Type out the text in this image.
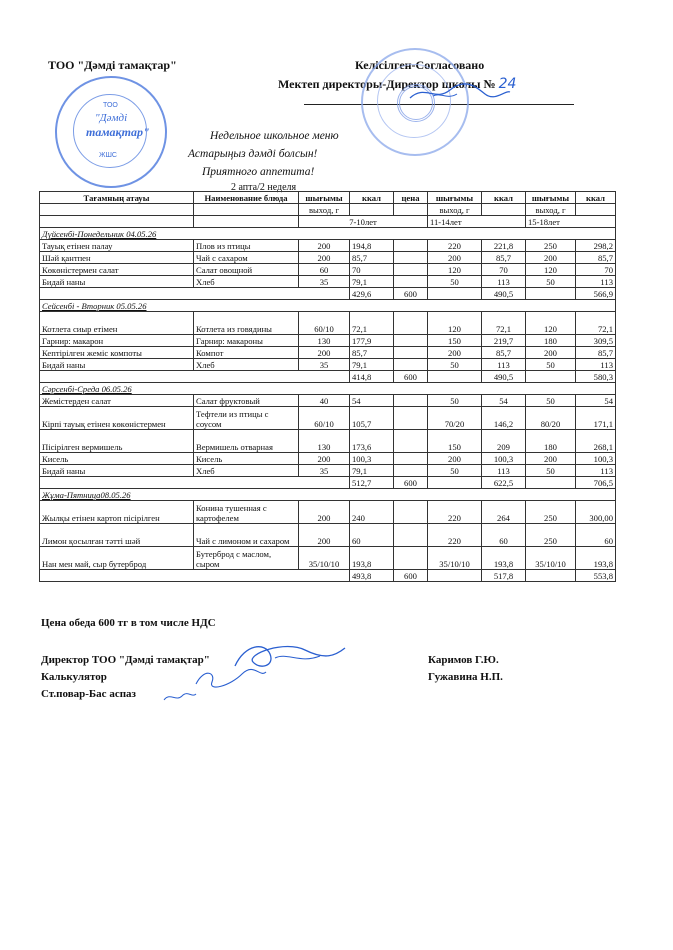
ТОО "Дәмді тамақтар"	Келісілген-Согласовано
Мектеп директоры-Директор школы № 24
ТОО
"Дәмді
тамақтар"
ЖШС
Недельное школьное меню
Астарыңыз дәмді болсын!
Приятного аппетита!
2 апта/2 неделя
Тағамның атауы	Наименование блюда	шығымы	ккал	цена	шығымы	ккал	шығымы	ккал
		выход, г			выход, г		выход, г	
		7-10лет			11-14лет		15-18лет	
Дүйсенбі-Понедельник 04.05.26								
Тауық етінен палау	Плов из птицы	200	194,8		220	221,8	250	298,2
Шәй қантпен	Чай с сахаром	200	85,7		200	85,7	200	85,7
Көкөністермен салат	Салат овощной	60	70		120	70	120	70
Бидай наны	Хлеб	35	79,1		50	113	50	113
			429,6	600		490,5		566,9
Сейсенбі - Вторник 05.05.26								
Котлета сиыр етімен	Котлета из говядины	60/10	72,1		120	72,1	120	72,1
Гарнир: макарон	Гарнир: макароны	130	177,9		150	219,7	180	309,5
Кептірілген жеміс компоты	Компот	200	85,7		200	85,7	200	85,7
Бидай наны	Хлеб	35	79,1		50	113	50	113
			414,8	600		490,5		580,3
Сәрсенбі-Среда 06.05.26								
Жемістерден салат	Салат фруктовый	40	54		50	54	50	54
Кірпі тауық етінен көкөністермен	Тефтели из птицы с соусом	60/10	105,7		70/20	146,2	80/20	171,1
Пісірілген вермишель	Вермишель отварная	130	173,6		150	209	180	268,1
Кисель	Кисель	200	100,3		200	100,3	200	100,3
Бидай наны	Хлеб	35	79,1		50	113	50	113
			512,7	600		622,5		706,5
Жұма-Пятница08.05.26								
Жылқы етінен картоп пісірілген	Конина тушенная с картофелем	200	240		220	264	250	300,00
Лимон қосылған тәтті шәй	Чай с лимоном и сахаром	200	60		220	60	250	60
Нан мен май, сыр бутерброд	Бутерброд с маслом, сыром	35/10/10	193,8		35/10/10	193,8	35/10/10	193,8
			493,8	600		517,8		553,8
Цена обеда 600 тг в том числе НДС
Директор ТОО "Дәмді тамақтар"	Каримов Г.Ю.
Калькулятор	Гужавина Н.П.
Ст.повар-Бас аспаз
